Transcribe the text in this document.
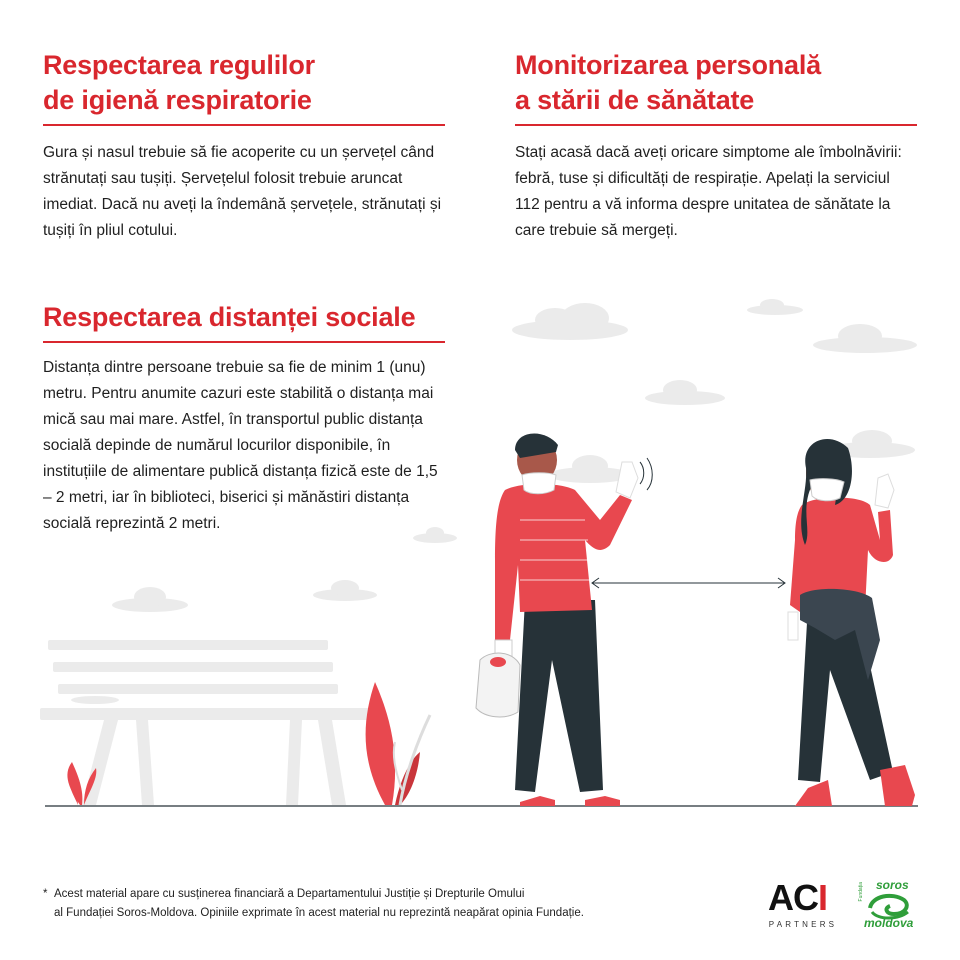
Respectarea regulilor
de igienă respiratorie

Gura și nasul trebuie să fie acoperite cu un șervețel când strănutați sau tușiți. Șervețelul folosit trebuie aruncat imediat. Dacă nu aveți la îndemână șervețele, strănutați și tușiți în pliul cotului.

Monitorizarea personală
a stării de sănătate

Stați acasă dacă aveți oricare simptome ale îmbolnăvirii: febră, tuse și dificultăți de respirație. Apelați la serviciul 112 pentru a vă informa despre unitatea de sănătate la care trebuie să mergeți.

Respectarea distanței sociale

Distanța dintre persoane trebuie sa fie de minim 1 (unu) metru. Pentru anumite cazuri este stabilită o distanța mai mică sau mai mare. Astfel, în transportul public distanța socială depinde de numărul locurilor disponibile, în instituțiile de alimentare publică distanța fizică este de 1,5 – 2 metri, iar în biblioteci, biserici și mănăstiri distanța socială reprezintă 2 metri.

* Acest material apare cu susținerea financiară a Departamentului Justiție și Drepturile Omului
al Fundației Soros-Moldova. Opiniile exprimate în acest material nu reprezintă neapărat opinia Fundație.	ACI
PARTNERS
Fundația soros
moldova
